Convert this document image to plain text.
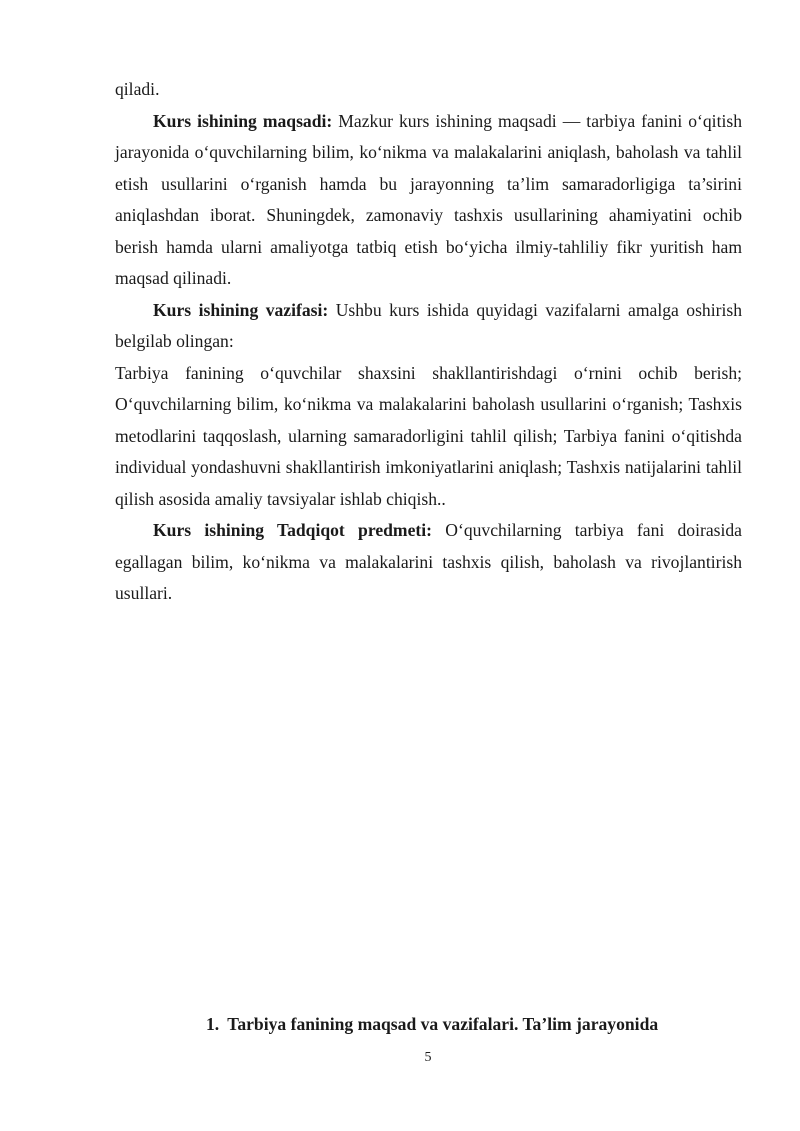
qiladi.

Kurs ishining maqsadi: Mazkur kurs ishining maqsadi — tarbiya fanini o‘qitish jarayonida o‘quvchilarning bilim, ko‘nikma va malakalarini aniqlash, baholash va tahlil etish usullarini o‘rganish hamda bu jarayonning ta’lim samaradorligiga ta’sirini aniqlashdan iborat. Shuningdek, zamonaviy tashxis usullarining ahamiyatini ochib berish hamda ularni amaliyotga tatbiq etish bo‘yicha ilmiy-tahliliy fikr yuritish ham maqsad qilinadi.

Kurs ishining vazifasi: Ushbu kurs ishida quyidagi vazifalarni amalga oshirish belgilab olingan:

Tarbiya fanining o‘quvchilar shaxsini shakllantirishdagi o‘rnini ochib berish; O‘quvchilarning bilim, ko‘nikma va malakalarini baholash usullarini o‘rganish; Tashxis metodlarini taqqoslash, ularning samaradorligini tahlil qilish; Tarbiya fanini o‘qitishda individual yondashuvni shakllantirish imkoniyatlarini aniqlash; Tashxis natijalarini tahlil qilish asosida amaliy tavsiyalar ishlab chiqish..

Kurs ishining Tadqiqot predmeti: O‘quvchilarning tarbiya fani doirasida egallagan bilim, ko‘nikma va malakalarini tashxis qilish, baholash va rivojlantirish usullari.

1. Tarbiya fanining maqsad va vazifalari. Ta’lim jarayonida
5
